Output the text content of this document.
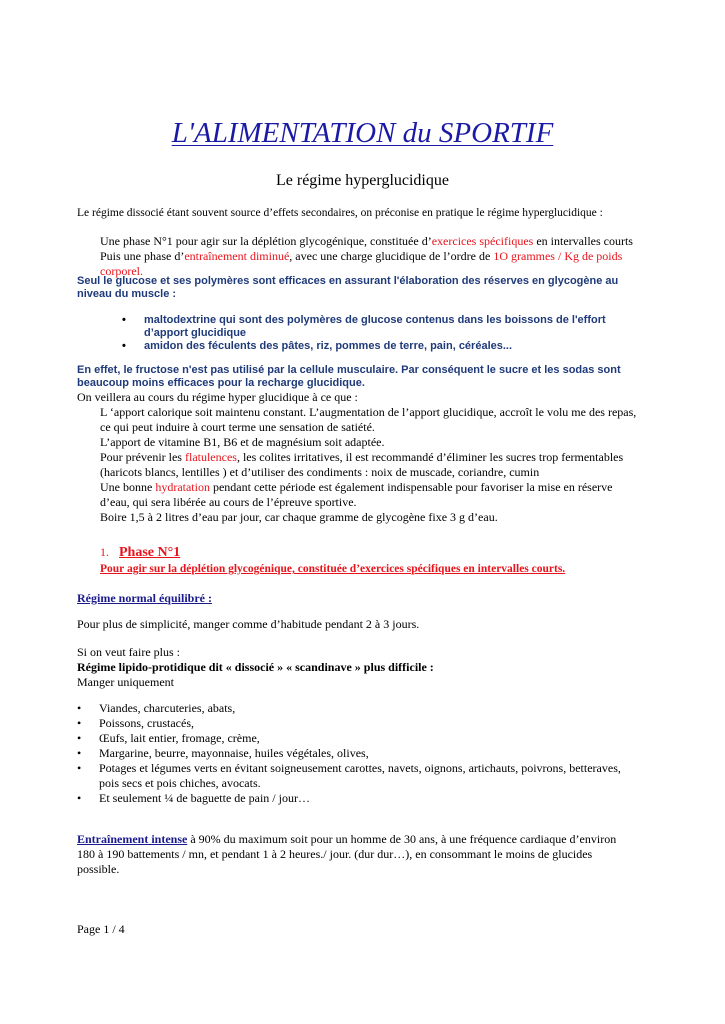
L'ALIMENTATION du SPORTIF
Le régime hyperglucidique
Le régime dissocié étant souvent source d’effets secondaires, on préconise en pratique le régime hyperglucidique :
Une phase N°1 pour agir sur la déplétion glycogénique, constituée d’exercices spécifiques en intervalles courts
Puis une phase d’entraînement diminué, avec une charge glucidique de l’ordre de 1O grammes / Kg de poids
corporel.
Seul le glucose et ses polymères sont efficaces en assurant l'élaboration des réserves en glycogène au
niveau du muscle :
• maltodextrine qui sont des polymères de glucose contenus dans les boissons de l'effort
d’apport glucidique
• amidon des féculents des pâtes, riz, pommes de terre, pain, céréales...
En effet, le fructose n'est pas utilisé par la cellule musculaire. Par conséquent le sucre et les sodas sont
beaucoup moins efficaces pour la recharge glucidique.
On veillera au cours du régime hyper glucidique à ce que :
L ‘apport calorique soit maintenu constant. L’augmentation de l’apport glucidique, accroît le volu me des repas,
ce qui peut induire à court terme une sensation de satiété.
L’apport de vitamine B1, B6 et de magnésium soit adaptée.
Pour prévenir les flatulences, les colites irritatives, il est recommandé d’éliminer les sucres trop fermentables
(haricots blancs, lentilles ) et d’utiliser des condiments : noix de muscade, coriandre, cumin
Une bonne hydratation pendant cette période est également indispensable pour favoriser la mise en réserve
d’eau, qui sera libérée au cours de l’épreuve sportive.
Boire 1,5 à 2 litres d’eau par jour, car chaque gramme de glycogène fixe 3 g d’eau.
1. Phase N°1
Pour agir sur la déplétion glycogénique, constituée d’exercices spécifiques en intervalles courts.
Régime normal équilibré :
Pour plus de simplicité, manger comme d’habitude pendant 2 à 3 jours.
Si on veut faire plus :
Régime lipido-protidique dit « dissocié » « scandinave » plus difficile :
Manger uniquement
• Viandes, charcuteries, abats,
• Poissons, crustacés,
• Œufs, lait entier, fromage, crème,
• Margarine, beurre, mayonnaise, huiles végétales, olives,
• Potages et légumes verts en évitant soigneusement carottes, navets, oignons, artichauts, poivrons, betteraves,
pois secs et pois chiches, avocats.
• Et seulement ¼ de baguette de pain / jour…
Entraînement intense à 90% du maximum soit pour un homme de 30 ans, à une fréquence cardiaque d’environ
180 à 190 battements / mn, et pendant 1 à 2 heures./ jour. (dur dur…), en consommant le moins de glucides
possible.
Page 1 / 4
